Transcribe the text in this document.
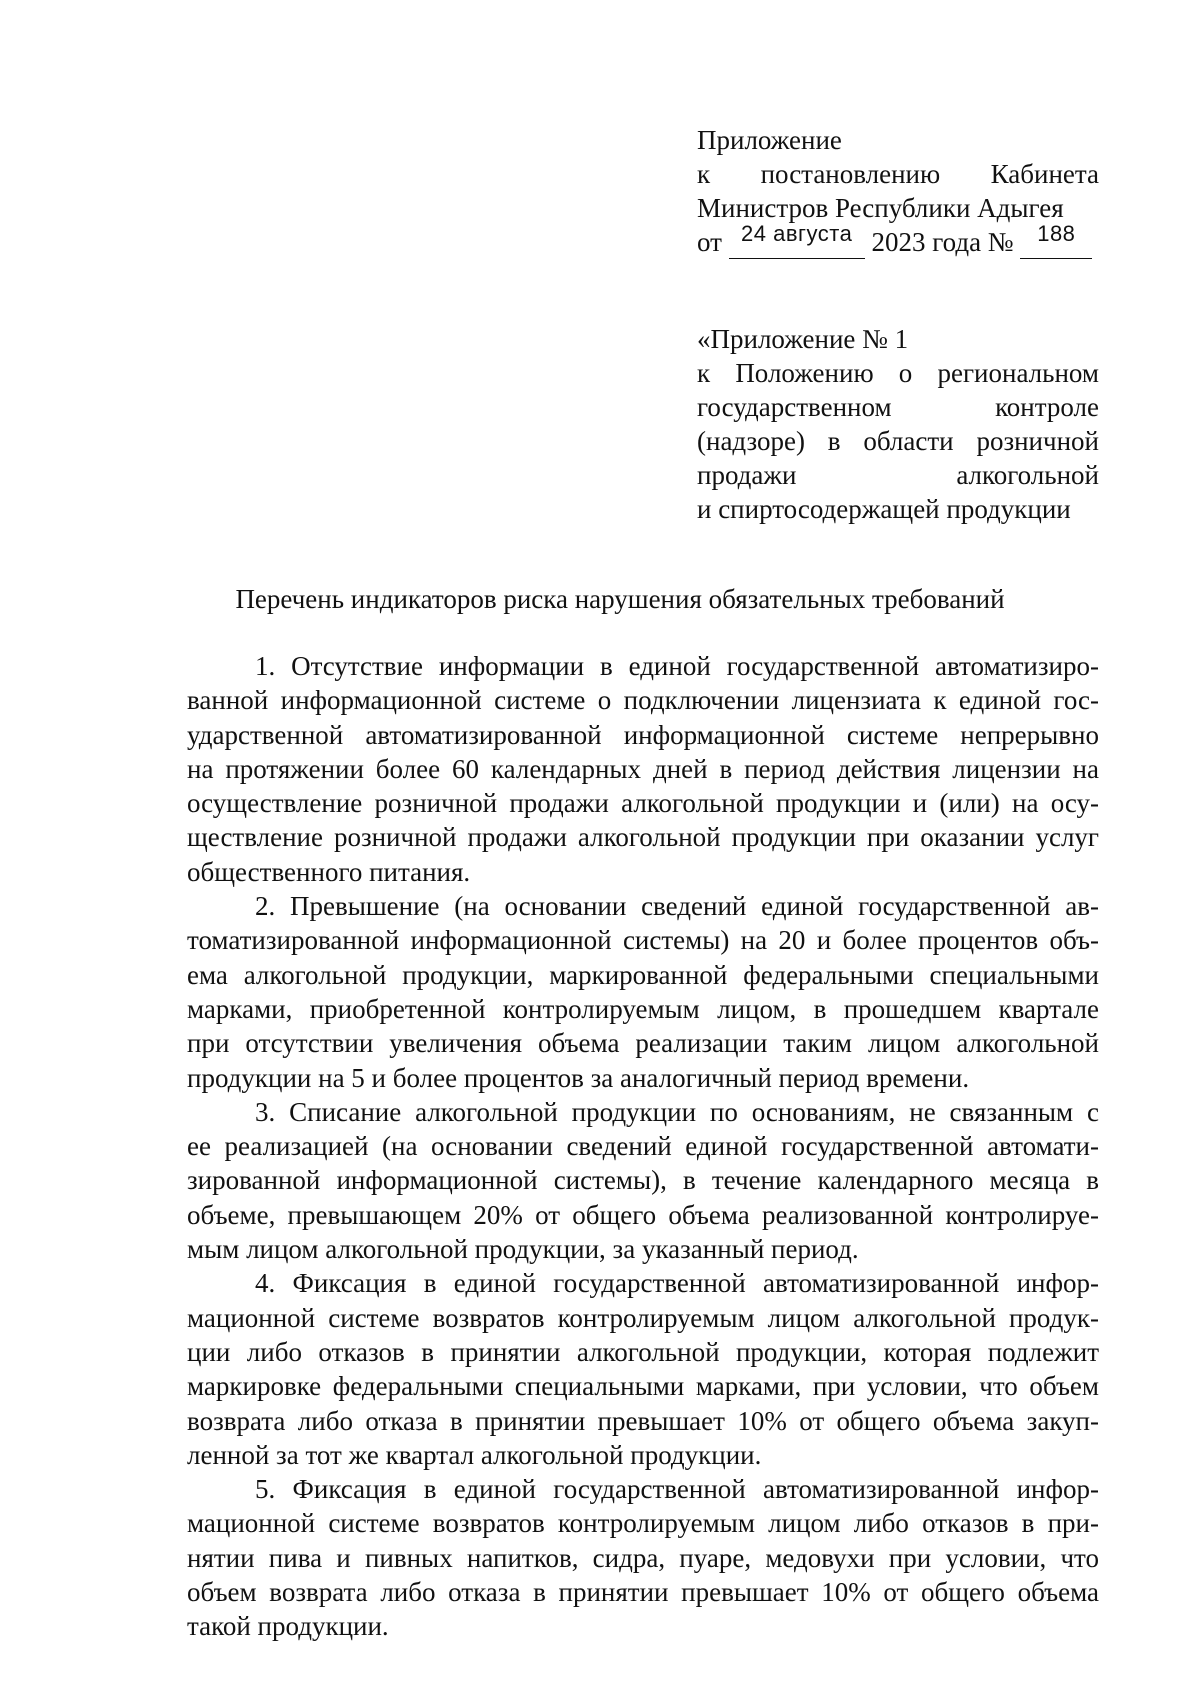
Приложение
к постановлению Кабинета
Министров Республики Адыгея
от 24 августа 2023 года №	188
«Приложение № 1
к Положению о региональном
государственном	контроле
(надзоре) в области розничной
продажи	алкогольной
и спиртосодержащей продукции
Перечень индикаторов риска нарушения обязательных требований

1. Отсутствие информации в единой государственной автоматизиро-
ванной информационной системе о подключении лицензиата к единой гос-
ударственной автоматизированной информационной системе непрерывно
на протяжении более 60 календарных дней в период действия лицензии на
осуществление розничной продажи алкогольной продукции и (или) на осу-
ществление розничной продажи алкогольной продукции при оказании услуг
общественного питания.

2. Превышение (на основании сведений единой государственной ав-
томатизированной информационной системы) на 20 и более процентов объ-
ема алкогольной продукции, маркированной федеральными специальными
марками, приобретенной контролируемым лицом, в прошедшем квартале
при отсутствии увеличения объема реализации таким лицом алкогольной
продукции на 5 и более процентов за аналогичный период времени.

3. Списание алкогольной продукции по основаниям, не связанным с
ее реализацией (на основании сведений единой государственной автомати-
зированной информационной системы), в течение календарного месяца в
объеме, превышающем 20% от общего объема реализованной контролируе-
мым лицом алкогольной продукции, за указанный период.

4. Фиксация в единой государственной автоматизированной инфор-
мационной системе возвратов контролируемым лицом алкогольной продук-
ции либо отказов в принятии алкогольной продукции, которая подлежит
маркировке федеральными специальными марками, при условии, что объем
возврата либо отказа в принятии превышает 10% от общего объема закуп-
ленной за тот же квартал алкогольной продукции.

5. Фиксация в единой государственной автоматизированной инфор-
мационной системе возвратов контролируемым лицом либо отказов в при-
нятии пива и пивных напитков, сидра, пуаре, медовухи при условии, что
объем возврата либо отказа в принятии превышает 10% от общего объема
такой продукции.
